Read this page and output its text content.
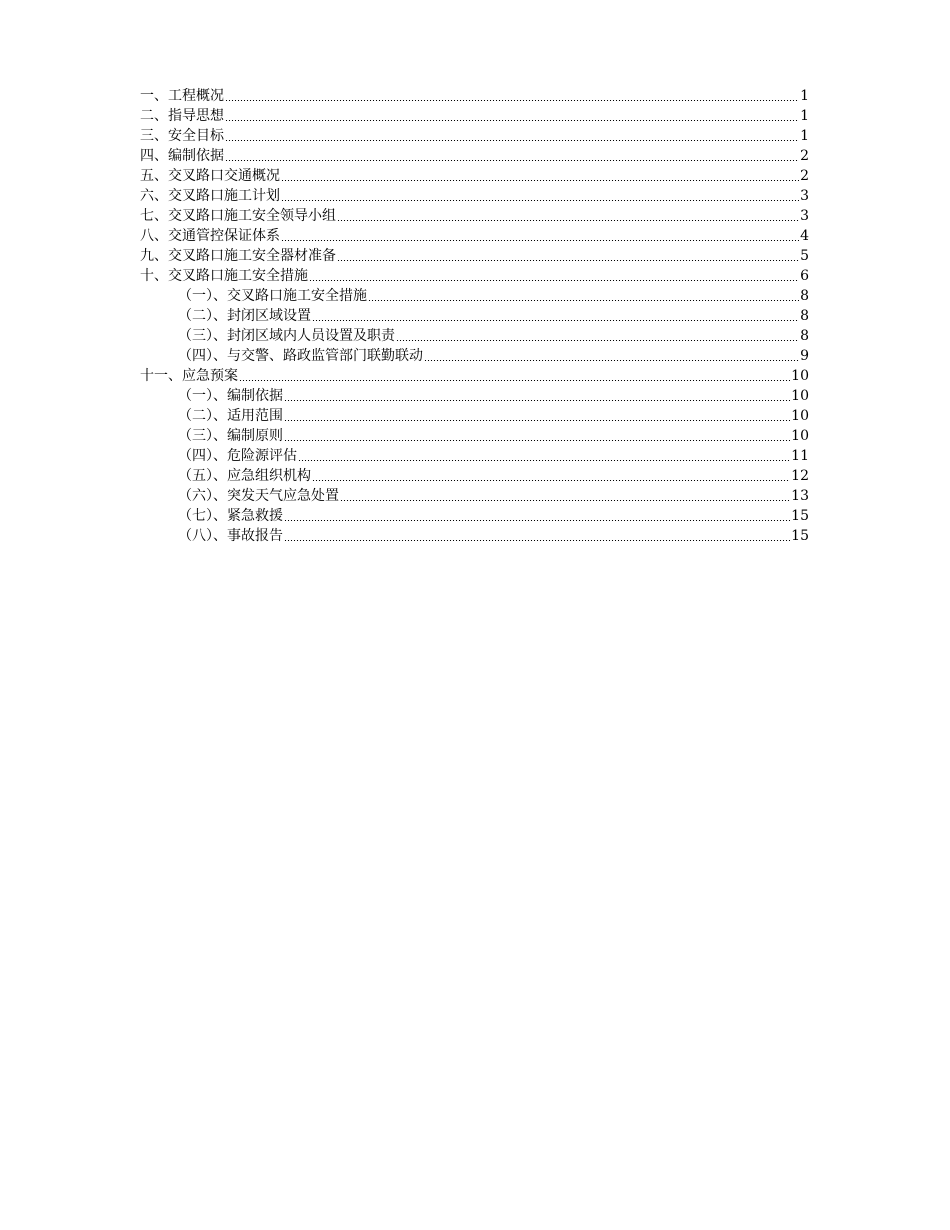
一、工程概况	1
二、指导思想	1
三、安全目标	1
四、编制依据	2
五、交叉路口交通概况	2
六、交叉路口施工计划	3
七、交叉路口施工安全领导小组	3
八、交通管控保证体系	4
九、交叉路口施工安全器材准备	5
十、交叉路口施工安全措施	6
（一）、交叉路口施工安全措施	8
（二）、封闭区域设置	8
（三）、封闭区域内人员设置及职责	8
（四）、与交警、路政监管部门联勤联动	9
十一、应急预案	10
（一）、编制依据	10
（二）、适用范围	10
（三）、编制原则	10
（四）、危险源评估	11
（五）、应急组织机构	12
（六）、突发天气应急处置	13
（七）、紧急救援	15
（八）、事故报告	15
